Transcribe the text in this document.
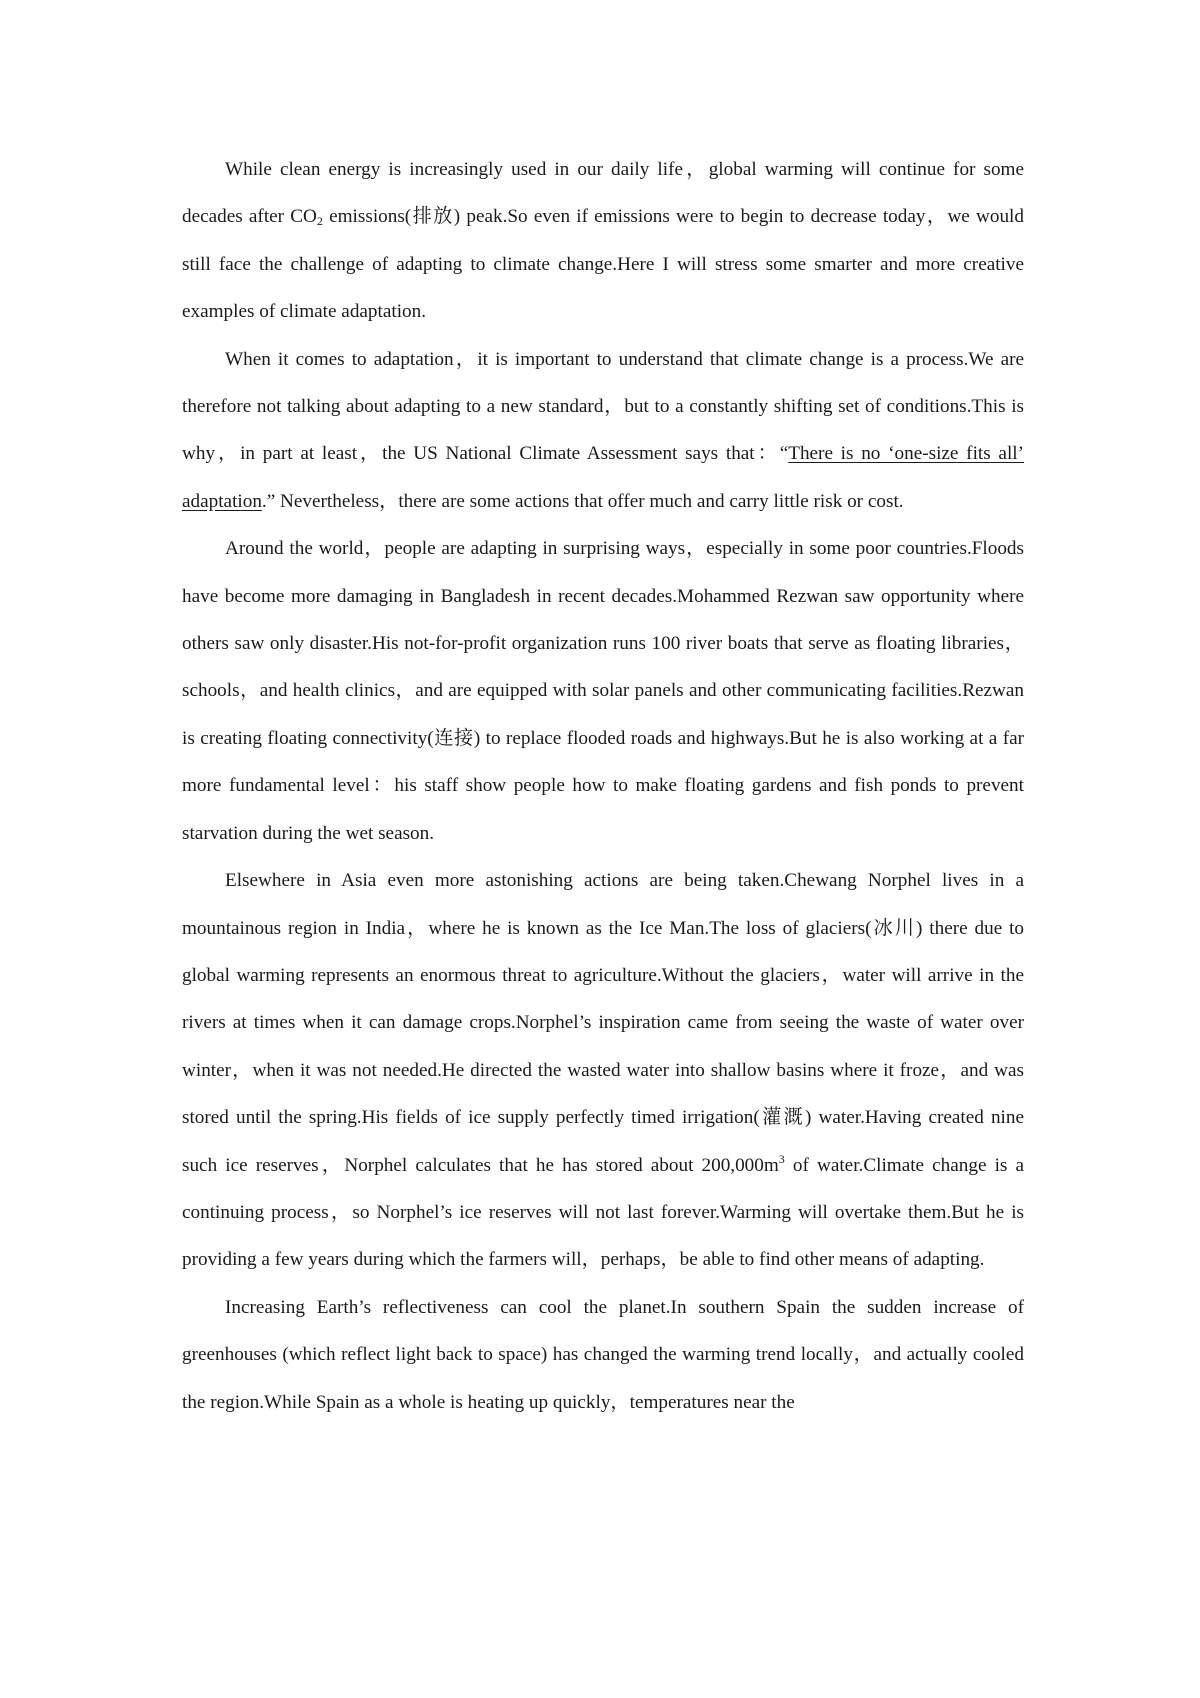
While clean energy is increasingly used in our daily life，global warming will continue for some decades after $CO_2$ emissions(排放) peak.So even if emissions were to begin to decrease today，we would still face the challenge of adapting to climate change.Here I will stress some smarter and more creative examples of climate adaptation.

When it comes to adaptation，it is important to understand that climate change is a process.We are therefore not talking about adapting to a new standard，but to a constantly shifting set of conditions.This is why，in part at least，the US National Climate Assessment says that：“There is no ‘one-size fits all’ adaptation.” Nevertheless，there are some actions that offer much and carry little risk or cost.

Around the world，people are adapting in surprising ways，especially in some poor countries.Floods have become more damaging in Bangladesh in recent decades.Mohammed Rezwan saw opportunity where others saw only disaster.His not-for-profit organization runs 100 river boats that serve as floating libraries，schools，and health clinics，and are equipped with solar panels and other communicating facilities.Rezwan is creating floating connectivity(连接) to replace flooded roads and highways.But he is also working at a far more fundamental level：his staff show people how to make floating gardens and fish ponds to prevent starvation during the wet season.

Elsewhere in Asia even more astonishing actions are being taken.Chewang Norphel lives in a mountainous region in India，where he is known as the Ice Man.The loss of glaciers(冰川) there due to global warming represents an enormous threat to agriculture.Without the glaciers，water will arrive in the rivers at times when it can damage crops.Norphel’s inspiration came from seeing the waste of water over winter，when it was not needed.He directed the wasted water into shallow basins where it froze，and was stored until the spring.His fields of ice supply perfectly timed irrigation(灌溉) water.Having created nine such ice reserves，Norphel calculates that he has stored about $200,000m^3$ of water.Climate change is a continuing process，so Norphel’s ice reserves will not last forever.Warming will overtake them.But he is providing a few years during which the farmers will，perhaps，be able to find other means of adapting.

Increasing Earth’s reflectiveness can cool the planet.In southern Spain the sudden increase of greenhouses (which reflect light back to space) has changed the warming trend locally，and actually cooled the region.While Spain as a whole is heating up quickly，temperatures near the
